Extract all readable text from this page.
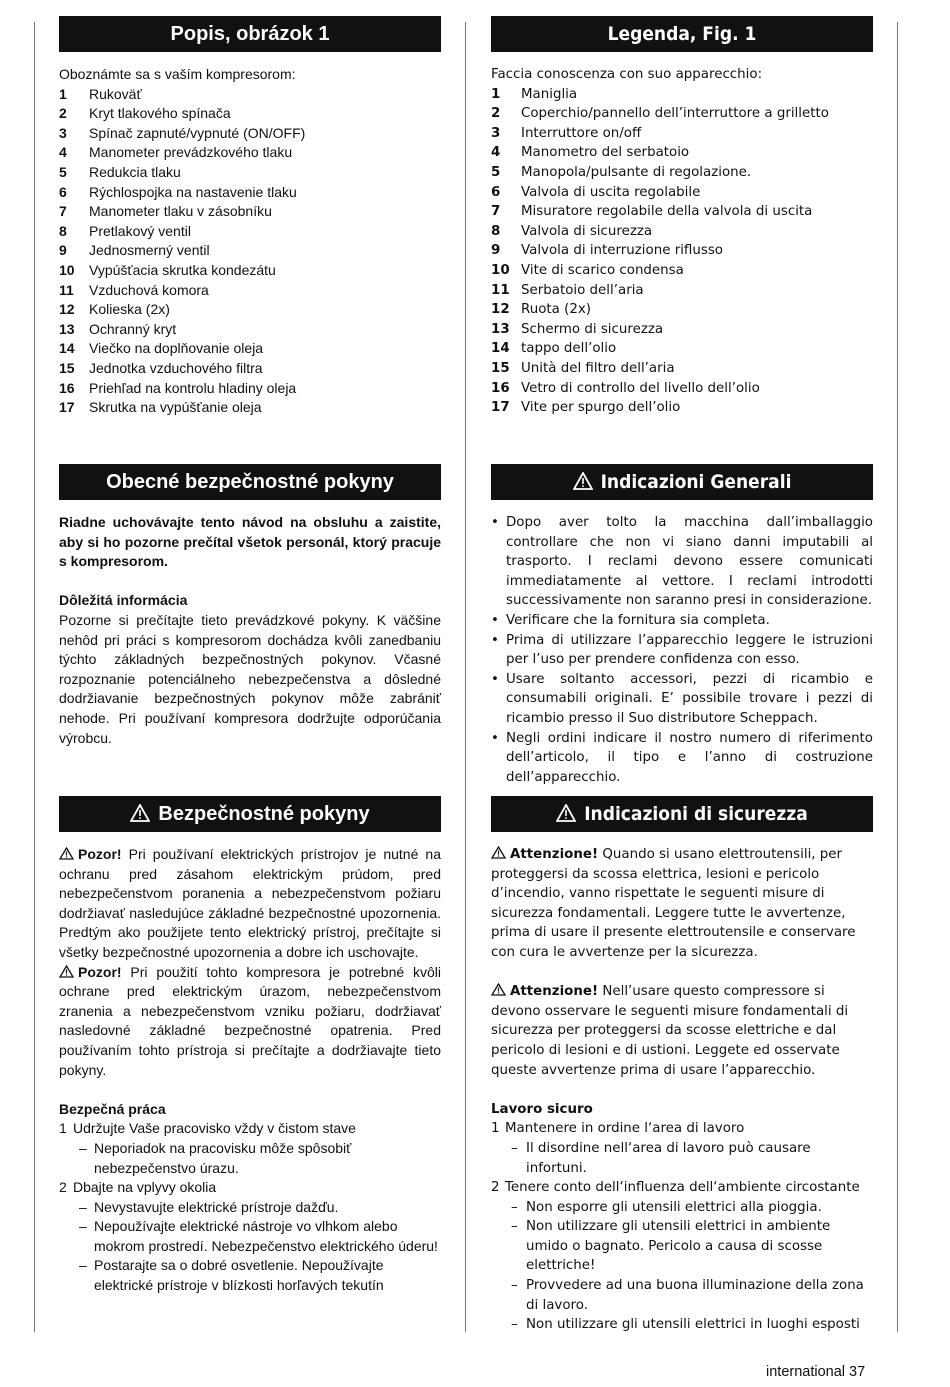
Popis, obrázok 1
Oboznámte sa s vaším kompresorom:
1	Rukoväť
2	Kryt tlakového spínača
3	Spínač zapnuté/vypnuté (ON/OFF)
4	Manometer prevádzkového tlaku
5	Redukcia tlaku
6	Rýchlospojka na nastavenie tlaku
7	Manometer tlaku v zásobníku
8	Pretlakový ventil
9	Jednosmerný ventil
10	Vypúšťacia skrutka kondezátu
11	Vzduchová komora
12	Kolieska (2x)
13	Ochranný kryt
14	Viečko na doplňovanie oleja
15	Jednotka vzduchového filtra
16	Priehľad na kontrolu hladiny oleja
17	Skrutka na vypúšťanie oleja
Obecné bezpečnostné pokyny
Riadne uchovávajte tento návod na obsluhu a zaistite, aby si ho pozorne prečítal všetok personál, ktorý pracuje s kompresorom.
Dôležitá informácia
Pozorne si prečítajte tieto prevádzkové pokyny. K väčšine nehôd pri práci s kompresorom dochádza kvôli zanedbaniu týchto základných bezpečnostných pokynov. Včasné rozpoznanie potenciálneho nebezpečenstva a dôsledné dodržiavanie bezpečnostných pokynov môže zabrániť nehode. Pri používaní kompresora dodržujte odporúčania výrobcu.
Bezpečnostné pokyny
Pozor! Pri používaní elektrických prístrojov je nutné na ochranu pred zásahom elektrickým prúdom, pred nebezpečenstvom poranenia a nebezpečenstvom požiaru dodržiavať nasledujúce základné bezpečnostné upozornenia. Predtým ako použijete tento elektrický prístroj, prečítajte si všetky bezpečnostné upozornenia a dobre ich uschovajte.
Pozor! Pri použití tohto kompresora je potrebné kvôli ochrane pred elektrickým úrazom, nebezpečenstvom zranenia a nebezpečenstvom vzniku požiaru, dodržiavať nasledovné základné bezpečnostné opatrenia. Pred používaním tohto prístroja si prečítajte a dodržiavajte tieto pokyny.
Bezpečná práca
1 Udržujte Vaše pracovisko vždy v čistom stave
– Neporiadok na pracovisku môže spôsobiť nebezpečenstvo úrazu.
2 Dbajte na vplyvy okolia
– Nevystavujte elektrické prístroje dažďu.
– Nepoužívajte elektrické nástroje vo vlhkom alebo mokrom prostredí. Nebezpečenstvo elektrického úderu!
– Postarajte sa o dobré osvetlenie. Nepoužívajte elektrické prístroje v blízkosti horľavých tekutín
Legenda, Fig. 1
Faccia conoscenza con suo apparecchio:
1	Maniglia
2	Coperchio/pannello dell’interruttore a grilletto
3	Interruttore on/off
4	Manometro del serbatoio
5	Manopola/pulsante di regolazione.
6	Valvola di uscita regolabile
7	Misuratore regolabile della valvola di uscita
8	Valvola di sicurezza
9	Valvola di interruzione riflusso
10 Vite di scarico condensa
11 Serbatoio dell’aria
12 Ruota (2x)
13 Schermo di sicurezza
14 tappo dell’olio
15 Unità del filtro dell’aria
16 Vetro di controllo del livello dell’olio
17 Vite per spurgo dell’olio
Indicazioni Generali
• Dopo aver tolto la macchina dall’imballaggio controllare che non vi siano danni imputabili al trasporto. I reclami devono essere comunicati immediatamente al vettore. I reclami introdotti successivamente non saranno presi in considerazione.
• Verificare che la fornitura sia completa.
• Prima di utilizzare l’apparecchio leggere le istruzioni per l’uso per prendere confidenza con esso.
• Usare soltanto accessori, pezzi di ricambio e consumabili originali. E’ possibile trovare i pezzi di ricambio presso il Suo distributore Scheppach.
• Negli ordini indicare il nostro numero di riferimento dell’articolo, il tipo e l’anno di costruzione dell’apparecchio.
Indicazioni di sicurezza
Attenzione! Quando si usano elettroutensili, per proteggersi da scossa elettrica, lesioni e pericolo d’incendio, vanno rispettate le seguenti misure di sicurezza fondamentali. Leggere tutte le avvertenze, prima di usare il presente elettroutensile e conservare con cura le avvertenze per la sicurezza.
Attenzione! Nell’usare questo compressore si devono osservare le seguenti misure fondamentali di sicurezza per proteggersi da scosse elettriche e dal pericolo di lesioni e di ustioni. Leggete ed osservate queste avvertenze prima di usare l’apparecchio.
Lavoro sicuro
1 Mantenere in ordine l‘area di lavoro
– Il disordine nell‘area di lavoro può causare infortuni.
2 Tenere conto dell‘influenza dell‘ambiente circostante
– Non esporre gli utensili elettrici alla pioggia.
– Non utilizzare gli utensili elettrici in ambiente umido o bagnato. Pericolo a causa di scosse elettriche!
– Provvedere ad una buona illuminazione della zona di lavoro.
– Non utilizzare gli utensili elettrici in luoghi esposti
international 37
